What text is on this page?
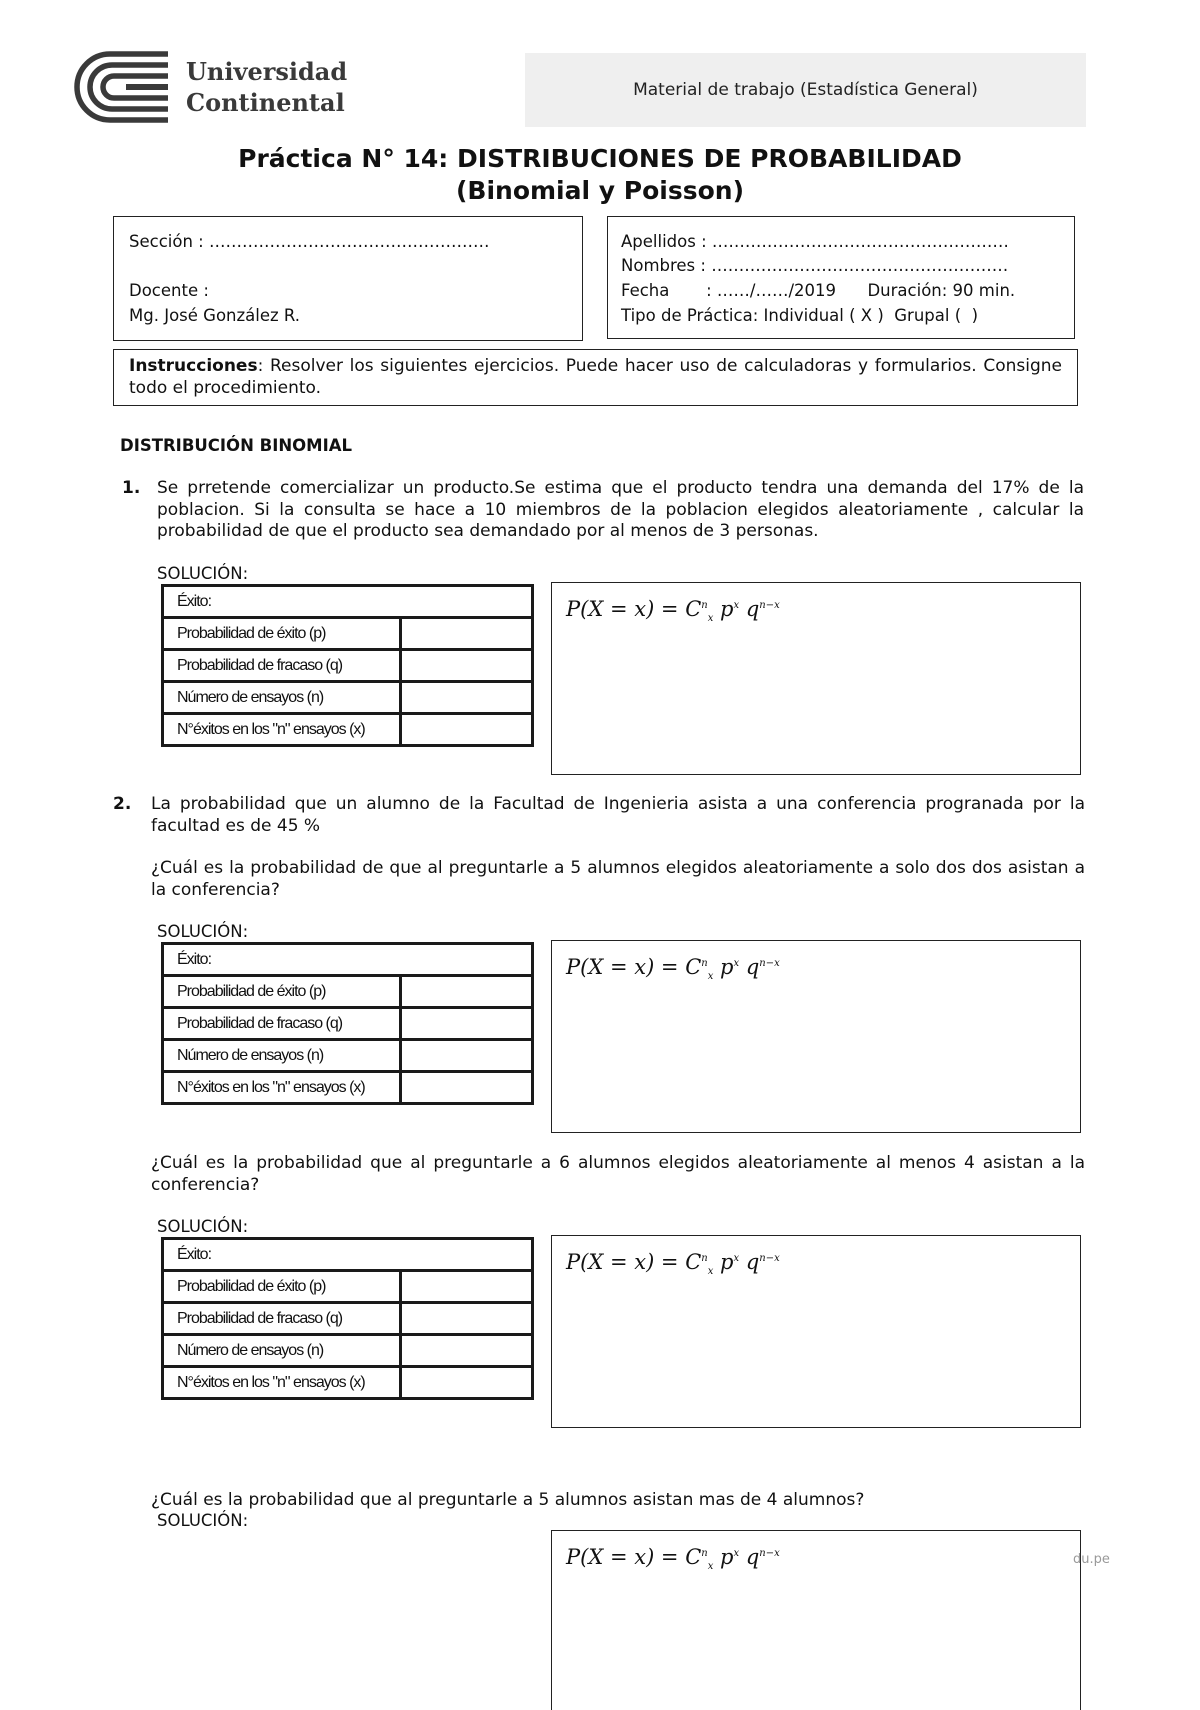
Universidad
Continental	Material de trabajo (Estadística General)
Práctica N° 14: DISTRIBUCIONES DE PROBABILIDAD
(Binomial y Poisson)
Sección : ……………………………………………
Docente :
Mg. José González R.
Apellidos : ………………………………………………
Nombres : ………………………………………………
Fecha       : ……/……/2019      Duración: 90 min.
Tipo de Práctica: Individual ( X )  Grupal (  )
Instrucciones: Resolver los siguientes ejercicios. Puede hacer uso de calculadoras y formularios. Consigne todo el procedimiento.
DISTRIBUCIÓN BINOMIAL
1. Se prretende comercializar un producto.Se estima que el producto tendra una demanda del 17% de la poblacion. Si la consulta se hace a 10 miembros de la poblacion elegidos aleatoriamente , calcular la probabilidad de que el producto sea demandado por al menos de 3 personas.
SOLUCIÓN:
Éxito:	
Probabilidad de éxito (p)	
Probabilidad de fracaso (q)	
Número de ensayos (n)	
N°éxitos en los "n" ensayos (x)	
$P(X = x) = C^n_x$ $p^x$ $q^{n-x}$
2. La probabilidad que un alumno de la Facultad de Ingenieria asista a una conferencia progranada por la facultad es de 45 %
¿Cuál es la probabilidad de que al preguntarle a 5 alumnos elegidos aleatoriamente a solo dos dos asistan a la conferencia?
SOLUCIÓN:
Éxito:	
Probabilidad de éxito (p)	
Probabilidad de fracaso (q)	
Número de ensayos (n)	
N°éxitos en los "n" ensayos (x)	
$P(X = x) = C^n_x$ $p^x$ $q^{n-x}$
¿Cuál es la probabilidad que al preguntarle a 6 alumnos elegidos aleatoriamente al menos 4 asistan a la conferencia?
SOLUCIÓN:
Éxito:	
Probabilidad de éxito (p)	
Probabilidad de fracaso (q)	
Número de ensayos (n)	
N°éxitos en los "n" ensayos (x)	
$P(X = x) = C^n_x$ $p^x$ $q^{n-x}$
¿Cuál es la probabilidad que al preguntarle a 5 alumnos asistan mas de 4 alumnos?
SOLUCIÓN:
$P(X = x) = C^n_x$ $p^x$ $q^{n-x}$	du.pe
